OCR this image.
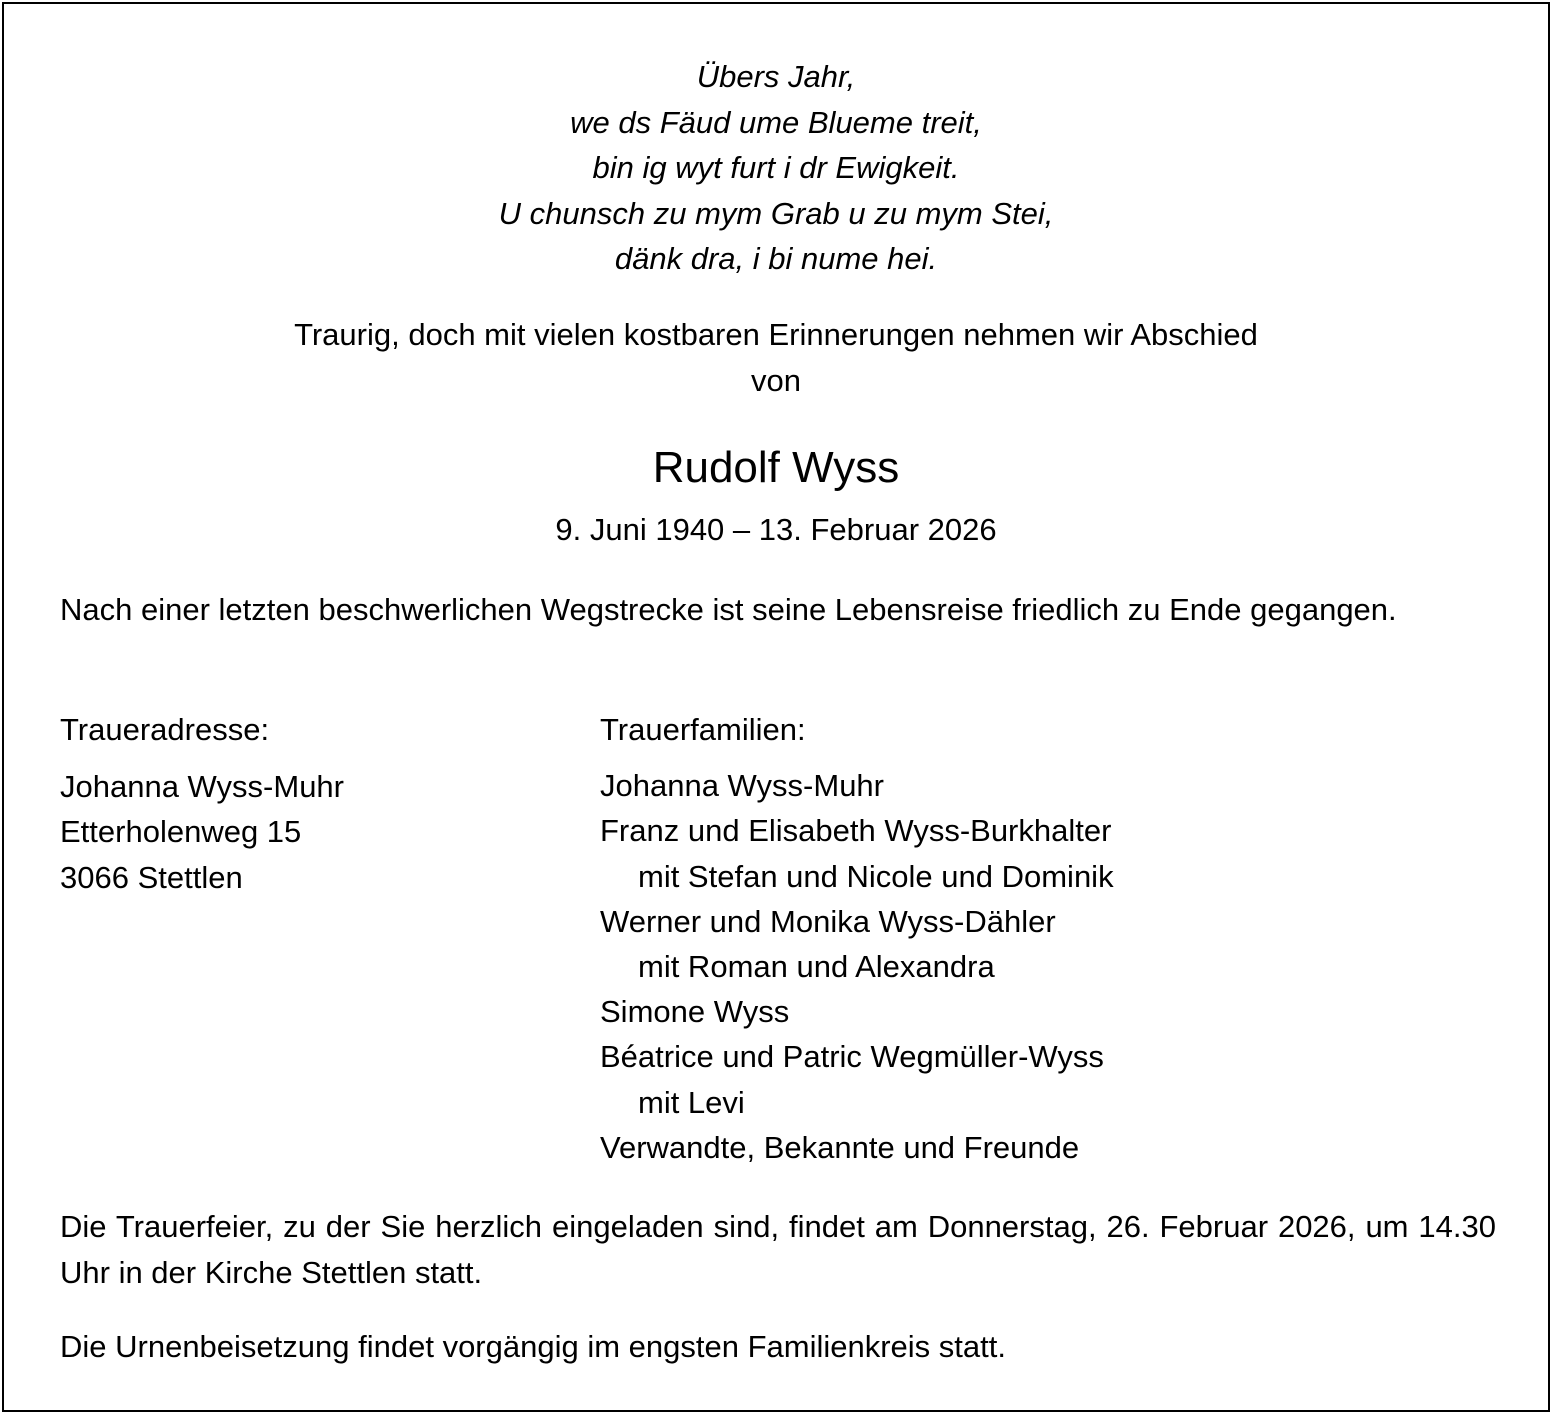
Übers Jahr,
we ds Fäud ume Blueme treit,
bin ig wyt furt i dr Ewigkeit.
U chunsch zu mym Grab u zu mym Stei,
dänk dra, i bi nume hei.
Traurig, doch mit vielen kostbaren Erinnerungen nehmen wir Abschied
von
Rudolf Wyss
9. Juni 1940 – 13. Februar 2026
Nach einer letzten beschwerlichen Wegstrecke ist seine Lebensreise friedlich zu Ende gegangen.
Traueradresse:
Johanna Wyss-Muhr
Etterholenweg 15
3066 Stettlen
Trauerfamilien:
Johanna Wyss-Muhr
Franz und Elisabeth Wyss-Burkhalter
mit Stefan und Nicole und Dominik
Werner und Monika Wyss-Dähler
mit Roman und Alexandra
Simone Wyss
Béatrice und Patric Wegmüller-Wyss
mit Levi
Verwandte, Bekannte und Freunde
Die Trauerfeier, zu der Sie herzlich eingeladen sind, findet am Donnerstag, 26. Februar 2026, um 14.30 Uhr in der Kirche Stettlen statt.
Die Urnenbeisetzung findet vorgängig im engsten Familienkreis statt.
